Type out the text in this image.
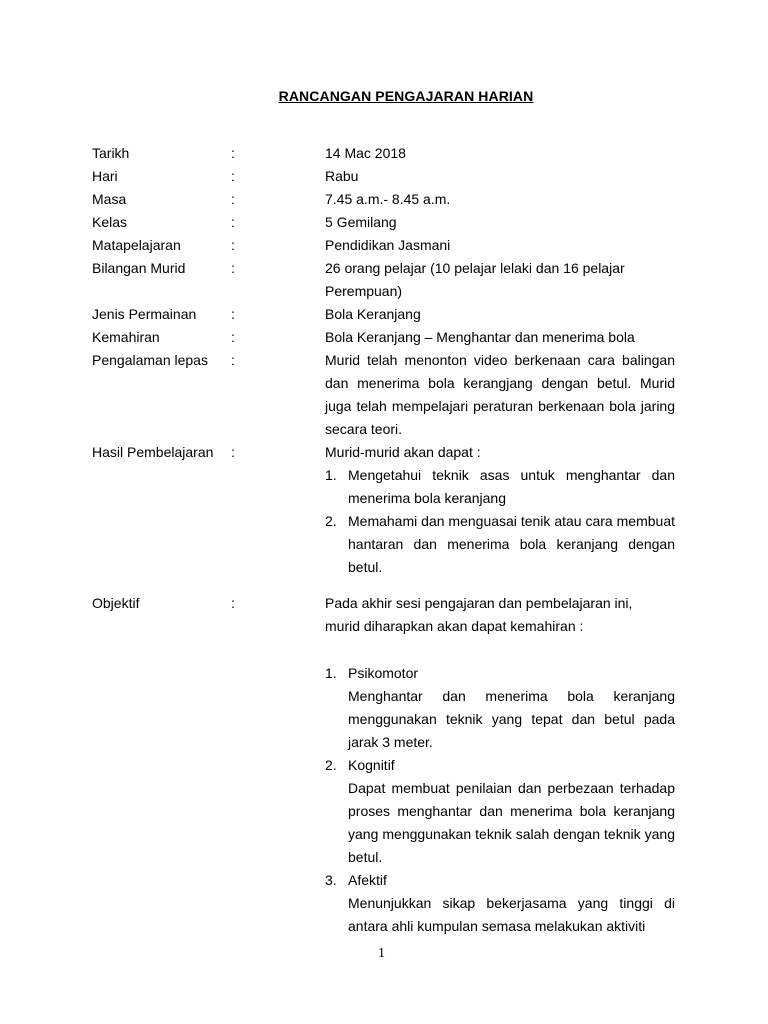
RANCANGAN PENGAJARAN HARIAN
Tarikh	:	14 Mac 2018
Hari	:	Rabu
Masa	:	7.45 a.m.- 8.45 a.m.
Kelas	:	5 Gemilang
Matapelajaran	:	Pendidikan Jasmani
Bilangan Murid	:	26 orang pelajar (10 pelajar lelaki dan 16 pelajar Perempuan)
Jenis Permainan :	Bola Keranjang
Kemahiran	:	Bola Keranjang – Menghantar dan menerima bola
Pengalaman lepas :	Murid telah menonton video berkenaan cara balingan dan menerima bola kerangjang dengan betul. Murid juga telah mempelajari peraturan berkenaan bola jaring secara teori.
Hasil Pembelajaran :	Murid-murid akan dapat :
1. Mengetahui teknik asas untuk menghantar dan menerima bola keranjang
2. Memahami dan menguasai tenik atau cara membuat hantaran dan menerima bola keranjang dengan betul.
Objektif	:	Pada akhir sesi pengajaran dan pembelajaran ini, murid diharapkan akan dapat kemahiran :
1. Psikomotor
Menghantar dan menerima bola keranjang menggunakan teknik yang tepat dan betul pada jarak 3 meter.
2. Kognitif
Dapat membuat penilaian dan perbezaan terhadap proses menghantar dan menerima bola keranjang yang menggunakan teknik salah dengan teknik yang betul.
3. Afektif
Menunjukkan sikap bekerjasama yang tinggi di antara ahli kumpulan semasa melakukan aktiviti
1
